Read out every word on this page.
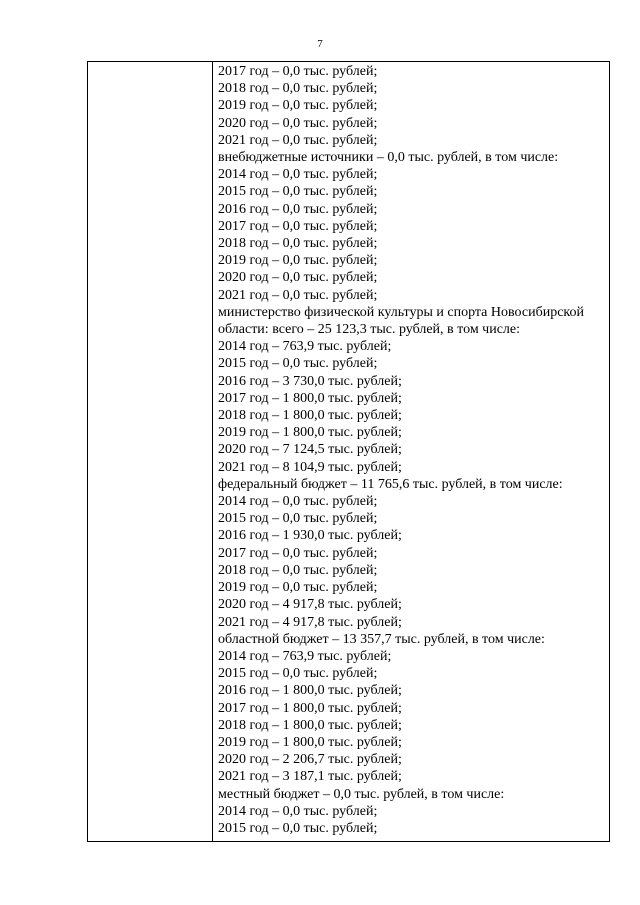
7
2017 год – 0,0 тыс. рублей;
2018 год – 0,0 тыс. рублей;
2019 год – 0,0 тыс. рублей;
2020 год – 0,0 тыс. рублей;
2021 год – 0,0 тыс. рублей;
внебюджетные источники – 0,0 тыс. рублей, в том числе:
2014 год – 0,0 тыс. рублей;
2015 год – 0,0 тыс. рублей;
2016 год – 0,0 тыс. рублей;
2017 год – 0,0 тыс. рублей;
2018 год – 0,0 тыс. рублей;
2019 год – 0,0 тыс. рублей;
2020 год – 0,0 тыс. рублей;
2021 год – 0,0 тыс. рублей;
министерство физической культуры и спорта Новосибирской
области: всего – 25 123,3 тыс. рублей, в том числе:
2014 год – 763,9 тыс. рублей;
2015 год – 0,0 тыс. рублей;
2016 год – 3 730,0 тыс. рублей;
2017 год – 1 800,0 тыс. рублей;
2018 год – 1 800,0 тыс. рублей;
2019 год – 1 800,0 тыс. рублей;
2020 год – 7 124,5 тыс. рублей;
2021 год – 8 104,9 тыс. рублей;
федеральный бюджет – 11 765,6 тыс. рублей, в том числе:
2014 год – 0,0 тыс. рублей;
2015 год – 0,0 тыс. рублей;
2016 год – 1 930,0 тыс. рублей;
2017 год – 0,0 тыс. рублей;
2018 год – 0,0 тыс. рублей;
2019 год – 0,0 тыс. рублей;
2020 год – 4 917,8 тыс. рублей;
2021 год – 4 917,8 тыс. рублей;
областной бюджет – 13 357,7 тыс. рублей, в том числе:
2014 год – 763,9 тыс. рублей;
2015 год – 0,0 тыс. рублей;
2016 год – 1 800,0 тыс. рублей;
2017 год – 1 800,0 тыс. рублей;
2018 год – 1 800,0 тыс. рублей;
2019 год – 1 800,0 тыс. рублей;
2020 год – 2 206,7 тыс. рублей;
2021 год – 3 187,1 тыс. рублей;
местный бюджет – 0,0 тыс. рублей, в том числе:
2014 год – 0,0 тыс. рублей;
2015 год – 0,0 тыс. рублей;
